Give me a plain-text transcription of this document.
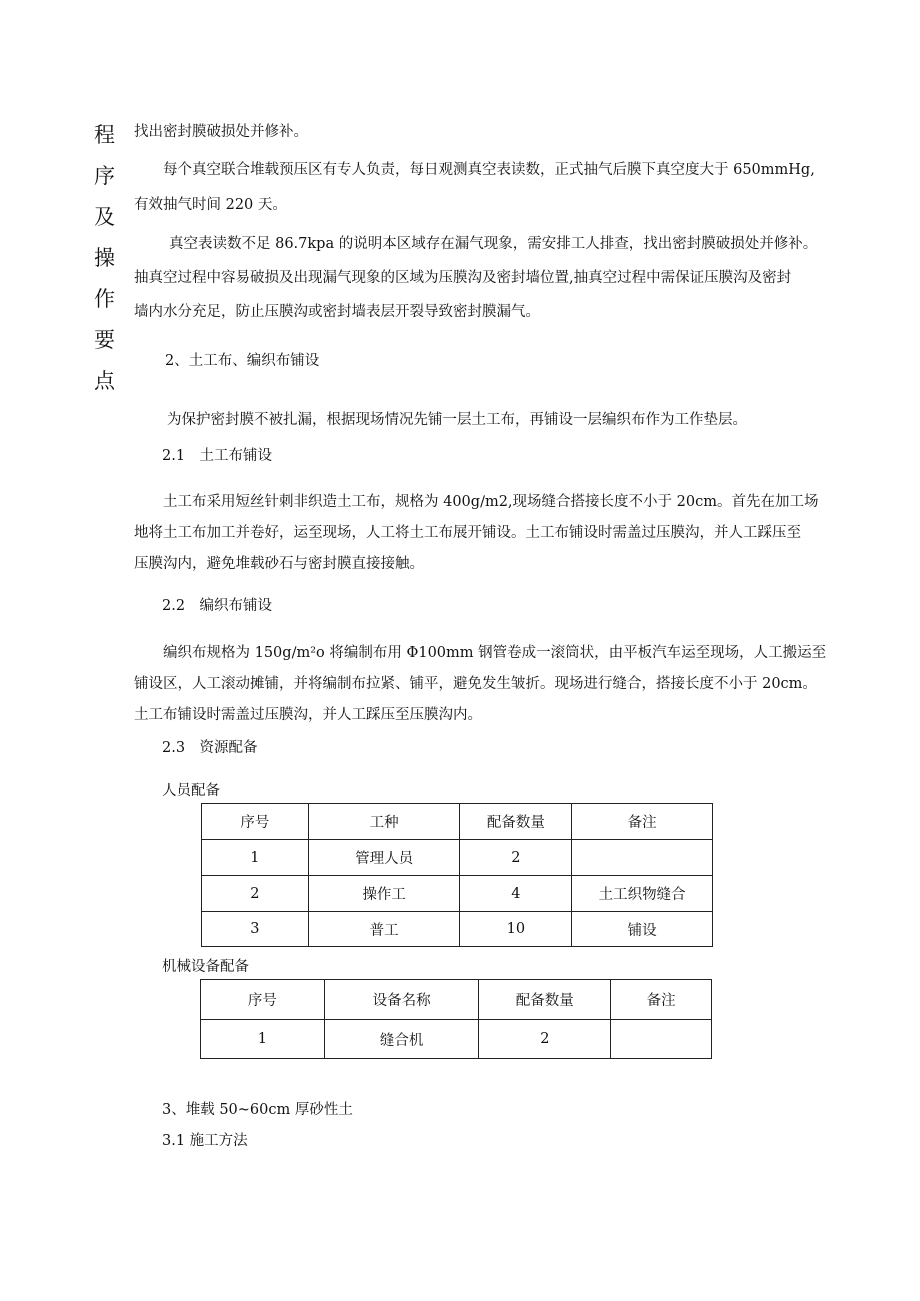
程
序
及
操
作
要
点

找出密封膜破损处并修补。

每个真空联合堆载预压区有专人负责，每日观测真空表读数，正式抽气后膜下真空度大于 650mmHg,

有效抽气时间 220 天。

真空表读数不足 86.7kpa 的说明本区域存在漏气现象，需安排工人排查，找出密封膜破损处并修补。

抽真空过程中容易破损及出现漏气现象的区域为压膜沟及密封墙位置,抽真空过程中需保证压膜沟及密封

墙内水分充足，防止压膜沟或密封墙表层开裂导致密封膜漏气。

2、土工布、编织布铺设

为保护密封膜不被扎漏，根据现场情况先铺一层土工布，再铺设一层编织布作为工作垫层。

2.1　土工布铺设

土工布采用短丝针刺非织造土工布，规格为 400g∕m2,现场缝合搭接长度不小于 20cm。首先在加工场

地将土工布加工并卷好，运至现场，人工将土工布展开铺设。土工布铺设时需盖过压膜沟，并人工踩压至

压膜沟内，避免堆载砂石与密封膜直接接触。

2.2　编织布铺设

编织布规格为 150g∕m²o 将编制布用 Φ100mm 钢管卷成一滚筒状，由平板汽车运至现场，人工搬运至

铺设区，人工滚动摊铺，并将编制布拉紧、铺平，避免发生皱折。现场进行缝合，搭接长度不小于 20cm。

土工布铺设时需盖过压膜沟，并人工踩压至压膜沟内。

2.3　资源配备

人员配备

序号	工种	配备数量	备注
1	管理人员	2	
2	操作工	4	土工织物缝合
3	普工	10	铺设

机械设备配备

序号	设备名称	配备数量	备注
1	缝合机	2	

3、堆载 50~60cm 厚砂性土

3.1 施工方法
